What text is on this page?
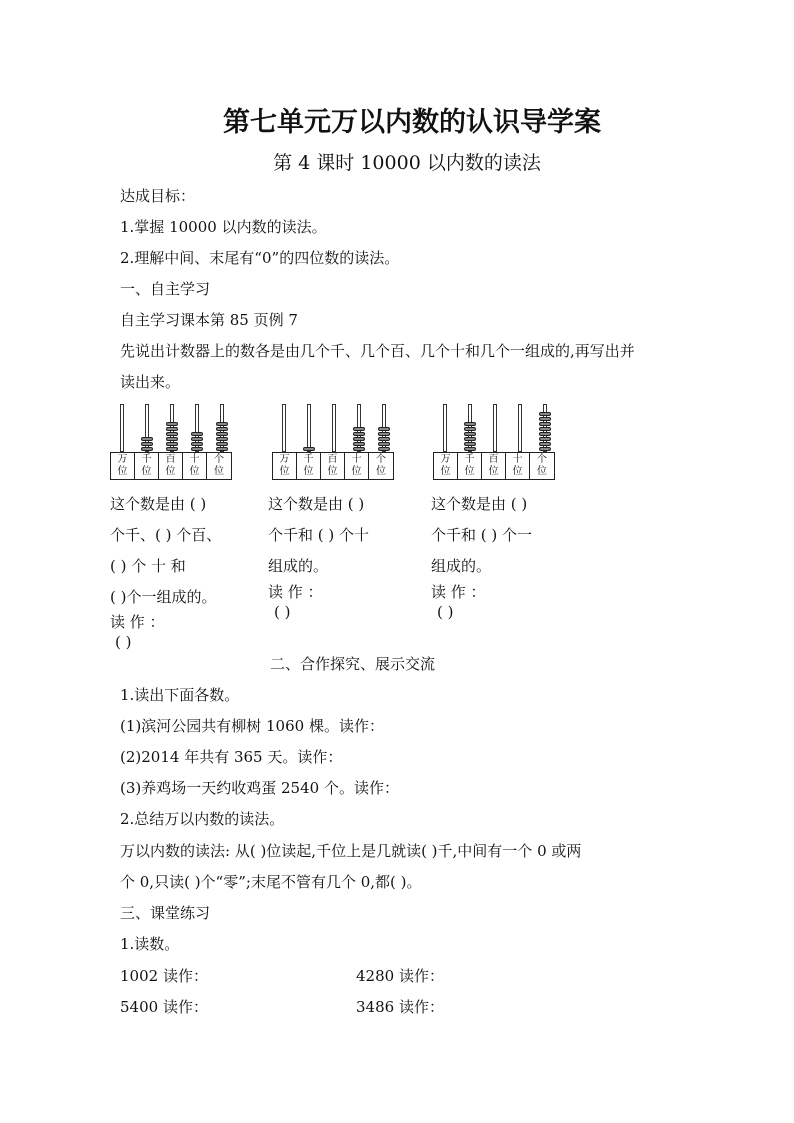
第七单元万以内数的认识导学案
第 4 课时 10000 以内数的读法
达成目标：
1.掌握 10000 以内数的读法。
2.理解中间、末尾有“0”的四位数的读法。
一、自主学习
自主学习课本第 85 页例 7
先说出计数器上的数各是由几个千、几个百、几个十和几个一组成的,再写出并
读出来。
万
位
千
位
百
位
十
位
个
位
万
位
千
位
百
位
十
位
个
位
万
位
千
位
百
位
十
位
个
位
这个数是由 ( )
个千、( ) 个百、
( ) 个 十 和
( )个一组成的。
读 作 ：
( )
这个数是由 ( )
个千和 ( ) 个十
组成的。
读 作 ：
( )
这个数是由 ( )
个千和 ( ) 个一
组成的。
读 作 ：
( )
二、合作探究、展示交流
1.读出下面各数。
(1)滨河公园共有柳树 1060 棵。读作：
(2)2014 年共有 365 天。读作：
(3)养鸡场一天约收鸡蛋 2540 个。读作：
2.总结万以内数的读法。
万以内数的读法: 从( )位读起,千位上是几就读( )千,中间有一个 0 或两
个 0,只读( )个“零”;末尾不管有几个 0,都( )。
三、课堂练习
1.读数。
1002 读作：	4280 读作：
5400 读作：	3486 读作：
